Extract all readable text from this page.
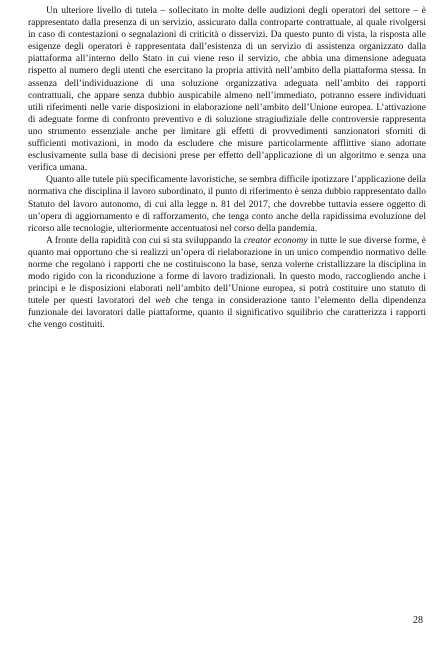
Un ulteriore livello di tutela – sollecitato in molte delle audizioni degli operatori del settore – è rappresentato dalla presenza di un servizio, assicurato dalla controparte contrattuale, al quale rivolgersi in caso di contestazioni o segnalazioni di criticità o disservizi. Da questo punto di vista, la risposta alle esigenze degli operatori è rappresentata dall’esistenza di un servizio di assistenza organizzato dalla piattaforma all’interno dello Stato in cui viene reso il servizio, che abbia una dimensione adeguata rispetto al numero degli utenti che esercitano la propria attività nell’ambito della piattaforma stessa. In assenza dell’individuazione di una soluzione organizzativa adeguata nell’ambito dei rapporti contrattuali, che appare senza dubbio auspicabile almeno nell’immediato, potranno essere individuati utili riferimenti nelle varie disposizioni in elaborazione nell’ambito dell’Unione europea. L’attivazione di adeguate forme di confronto preventivo e di soluzione stragiudiziale delle controversie rappresenta uno strumento essenziale anche per limitare gli effetti di provvedimenti sanzionatori sforniti di sufficienti motivazioni, in modo da escludere che misure particolarmente afflittive siano adottate esclusivamente sulla base di decisioni prese per effetto dell’applicazione di un algoritmo e senza una verifica umana.

Quanto alle tutele più specificamente lavoristiche, se sembra difficile ipotizzare l’applicazione della normativa che disciplina il lavoro subordinato, il punto di riferimento è senza dubbio rappresentato dallo Statuto del lavoro autonomo, di cui alla legge n. 81 del 2017, che dovrebbe tuttavia essere oggetto di un’opera di aggiornamento e di rafforzamento, che tenga conto anche della rapidissima evoluzione del ricorso alle tecnologie, ulteriormente accentuatosi nel corso della pandemia.

A fronte della rapidità con cui si sta sviluppando la creator economy in tutte le sue diverse forme, è quanto mai opportuno che si realizzi un’opera di rielaborazione in un unico compendio normativo delle norme che regolano i rapporti che ne costituiscono la base, senza volerne cristallizzare la disciplina in modo rigido con la riconduzione a forme di lavoro tradizionali. In questo modo, raccogliendo anche i principi e le disposizioni elaborati nell’ambito dell’Unione europea, si potrà costituire uno statuto di tutele per questi lavoratori del web che tenga in considerazione tanto l’elemento della dipendenza funzionale dei lavoratori dalle piattaforme, quanto il significativo squilibrio che caratterizza i rapporti che vengo costituiti.

28
